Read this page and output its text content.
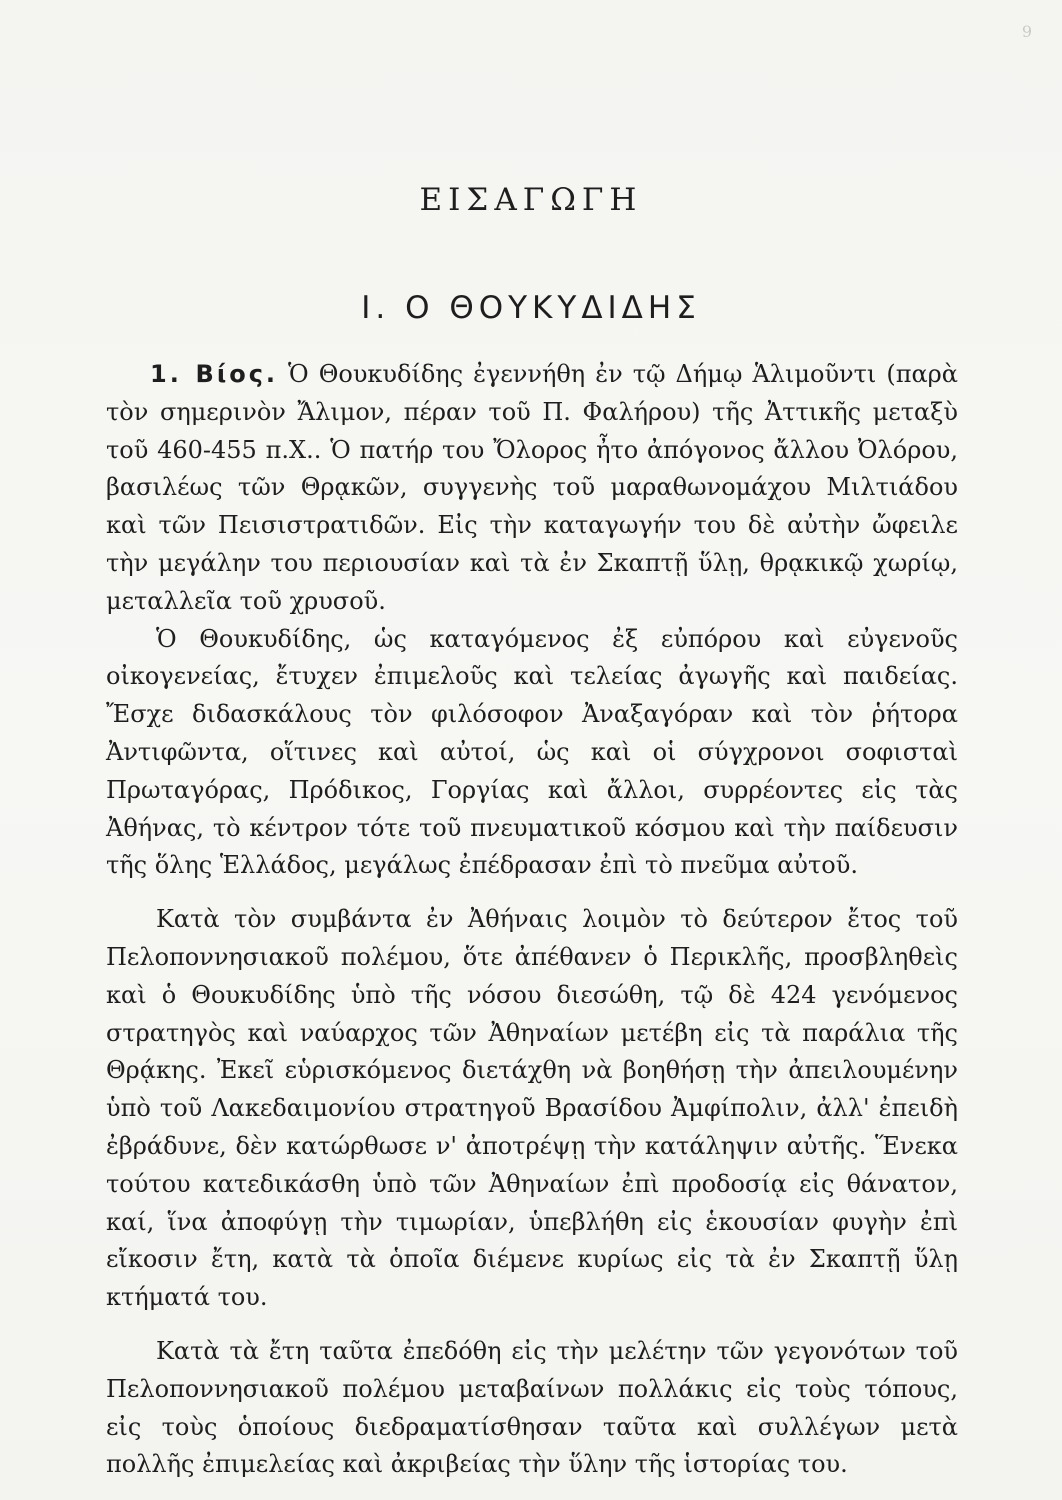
9
ΕΙΣΑΓΩΓΗ
Ι. Ο ΘΟΥΚΥΔΙΔΗΣ

1. Βίος. Ὁ Θουκυδίδης ἐγεννήθη ἐν τῷ Δήμῳ Ἁλιμοῦντι (παρὰ τὸν σημερινὸν Ἄλιμον, πέραν τοῦ Π. Φαλήρου) τῆς Ἀττικῆς μεταξὺ τοῦ 460-455 π.Χ.. Ὁ πατήρ του Ὄλορος ἦτο ἀπόγονος ἄλλου Ὀλόρου, βασιλέως τῶν Θρᾳκῶν, συγγενὴς τοῦ μαραθωνομάχου Μιλτιάδου καὶ τῶν Πεισιστρατιδῶν. Εἰς τὴν καταγωγήν του δὲ αὐτὴν ὤφειλε τὴν μεγάλην του περιουσίαν καὶ τὰ ἐν Σκαπτῇ ὕλῃ, θρᾳκικῷ χωρίῳ, μεταλλεῖα τοῦ χρυσοῦ.

Ὁ Θουκυδίδης, ὡς καταγόμενος ἐξ εὐπόρου καὶ εὐγενοῦς οἰκογενείας, ἔτυχεν ἐπιμελοῦς καὶ τελείας ἀγωγῆς καὶ παιδείας. Ἔσχε διδασκάλους τὸν φιλόσοφον Ἀναξαγόραν καὶ τὸν ῥήτορα Ἀντιφῶντα, οἵτινες καὶ αὐτοί, ὡς καὶ οἱ σύγχρονοι σοφισταὶ Πρωταγόρας, Πρόδικος, Γοργίας καὶ ἄλλοι, συρρέοντες εἰς τὰς Ἀθήνας, τὸ κέντρον τότε τοῦ πνευματικοῦ κόσμου καὶ τὴν παίδευσιν τῆς ὅλης Ἑλλάδος, μεγάλως ἐπέδρασαν ἐπὶ τὸ πνεῦμα αὐτοῦ.

Κατὰ τὸν συμβάντα ἐν Ἀθήναις λοιμὸν τὸ δεύτερον ἔτος τοῦ Πελοποννησιακοῦ πολέμου, ὅτε ἀπέθανεν ὁ Περικλῆς, προσβληθεὶς καὶ ὁ Θουκυδίδης ὑπὸ τῆς νόσου διεσώθη, τῷ δὲ 424 γενόμενος στρατηγὸς καὶ ναύαρχος τῶν Ἀθηναίων μετέβη εἰς τὰ παράλια τῆς Θρᾴκης. Ἐκεῖ εὑρισκόμενος διετάχθη νὰ βοηθήσῃ τὴν ἀπειλουμένην ὑπὸ τοῦ Λακεδαιμονίου στρατηγοῦ Βρασίδου Ἀμφίπολιν, ἀλλ' ἐπειδὴ ἐβράδυνε, δὲν κατώρθωσε ν' ἀποτρέψῃ τὴν κατάληψιν αὐτῆς. Ἕνεκα τούτου κατεδικάσθη ὑπὸ τῶν Ἀθηναίων ἐπὶ προδοσίᾳ εἰς θάνατον, καί, ἵνα ἀποφύγῃ τὴν τιμωρίαν, ὑπεβλήθη εἰς ἑκουσίαν φυγὴν ἐπὶ εἴκοσιν ἔτη, κατὰ τὰ ὁποῖα διέμενε κυρίως εἰς τὰ ἐν Σκαπτῇ ὕλῃ κτήματά του.

Κατὰ τὰ ἔτη ταῦτα ἐπεδόθη εἰς τὴν μελέτην τῶν γεγονότων τοῦ Πελοποννησιακοῦ πολέμου μεταβαίνων πολλάκις εἰς τοὺς τόπους, εἰς τοὺς ὁποίους διεδραματίσθησαν ταῦτα καὶ συλλέγων μετὰ πολλῆς ἐπιμελείας καὶ ἀκριβείας τὴν ὕλην τῆς ἱστορίας του.
